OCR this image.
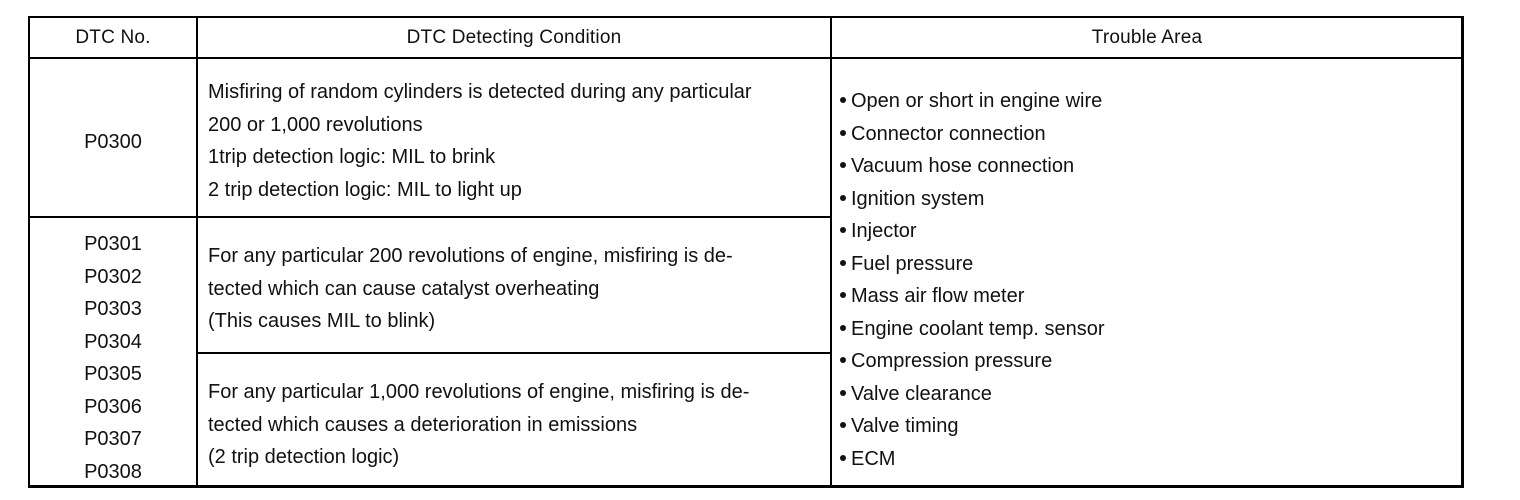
DTC No.	DTC Detecting Condition	Trouble Area
P0300
Misfiring of random cylinders is detected during any particular
200 or 1,000 revolutions
1trip detection logic: MIL to brink
2 trip detection logic: MIL to light up
P0301
P0302
P0303
P0304
P0305
P0306
P0307
P0308
For any particular 200 revolutions of engine, misfiring is de-
tected which can cause catalyst overheating
(This causes MIL to blink)
For any particular 1,000 revolutions of engine, misfiring is de-
tected which causes a deterioration in emissions
(2 trip detection logic)
Open or short in engine wire
Connector connection
Vacuum hose connection
Ignition system
Injector
Fuel pressure
Mass air flow meter
Engine coolant temp. sensor
Compression pressure
Valve clearance
Valve timing
ECM
